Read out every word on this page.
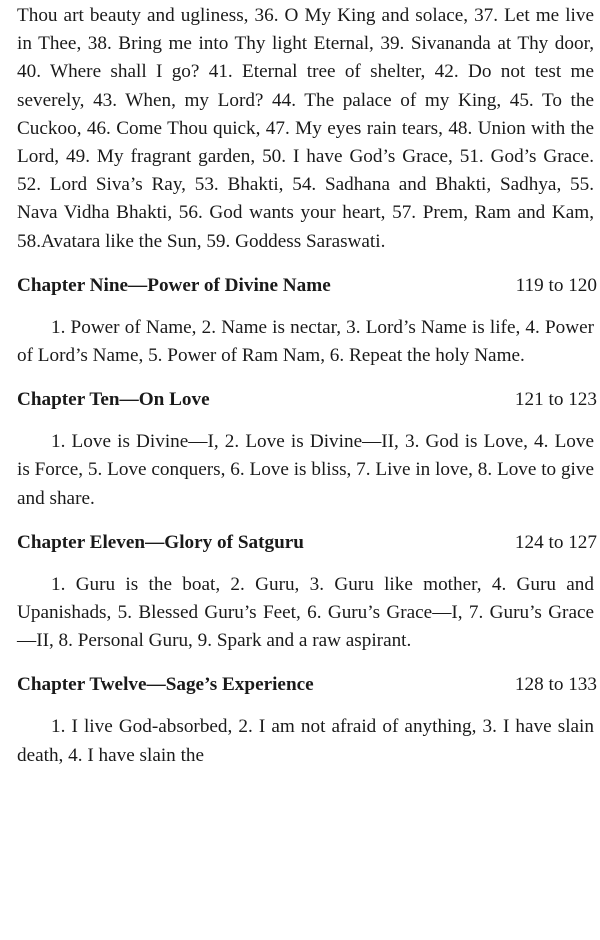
Thou art beauty and ugliness, 36. O My King and solace, 37. Let me live in Thee, 38. Bring me into Thy light Eternal, 39. Sivananda at Thy door, 40. Where shall I go? 41. Eternal tree of shelter, 42. Do not test me severely, 43. When, my Lord? 44. The palace of my King, 45. To the Cuckoo, 46. Come Thou quick, 47. My eyes rain tears, 48. Union with the Lord, 49. My fragrant garden, 50. I have God’s Grace, 51. God’s Grace. 52. Lord Siva’s Ray, 53. Bhakti, 54. Sadhana and Bhakti, Sadhya, 55. Nava Vidha Bhakti, 56. God wants your heart, 57. Prem, Ram and Kam, 58.Avatara like the Sun, 59. Goddess Saraswati.

Chapter Nine—Power of Divine Name	119 to 120

1. Power of Name, 2. Name is nectar, 3. Lord’s Name is life, 4. Power of Lord’s Name, 5. Power of Ram Nam, 6. Repeat the holy Name.

Chapter Ten—On Love	121 to 123

1. Love is Divine—I, 2. Love is Divine—II, 3. God is Love, 4. Love is Force, 5. Love conquers, 6. Love is bliss, 7. Live in love, 8. Love to give and share.

Chapter Eleven—Glory of Satguru	124 to 127

1. Guru is the boat, 2. Guru, 3. Guru like mother, 4. Guru and Upanishads, 5. Blessed Guru’s Feet, 6. Guru’s Grace—I, 7. Guru’s Grace—II, 8. Personal Guru, 9. Spark and a raw aspirant.

Chapter Twelve—Sage’s Experience	128 to 133

1. I live God-absorbed, 2. I am not afraid of anything, 3. I have slain death, 4. I have slain the
